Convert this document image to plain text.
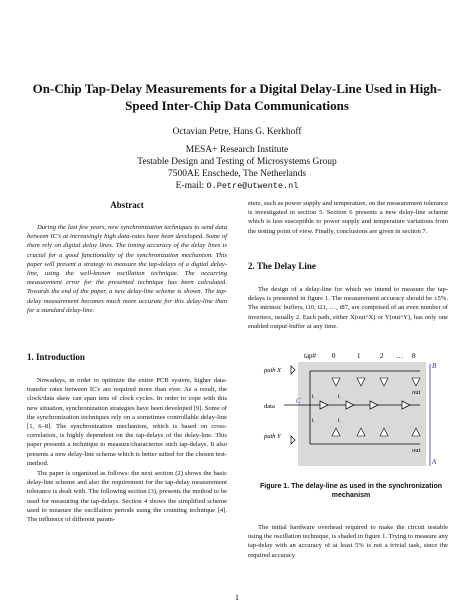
On-Chip Tap-Delay Measurements for a Digital Delay-Line Used in High-Speed Inter-Chip Data Communications
Octavian Petre, Hans G. Kerkhoff
MESA+ Research Institute
Testable Design and Testing of Microsystems Group
7500AE Enschede, The Netherlands
E-mail: O.Petre@utwente.nl
Abstract

During the last few years, new synchronization techniques to send data between IC's at increasingly high data-rates have been developed. Some of them rely on digital delay lines. The timing accuracy of the delay lines is crucial for a good functionality of the synchronization mechanism. This paper will present a strategy to measure the tap-delays of a digital delay-line, using the well-known oscillation technique. The occurring measurement error for the presented technique has been calculated. Towards the end of the paper, a new delay-line scheme is shown. The tap-delay measurement becomes much more accurate for this delay-line than for a standard delay-line.

1. Introduction

Nowadays, in order to optimize the entire PCB system, higher data-transfer rates between IC's are required more than ever. As a result, the clock/data skew can span tens of clock cycles. In order to cope with this new situation, synchronization strategies have been developed [9]. Some of the synchronization techniques rely on a sometimes controllable delay-line [1, 6–8]. The synchronization mechanism, which is based on cross-correlation, is highly dependent on the tap-delays of the delay-line. This paper presents a technique to measure/characterize such tap-delays. It also presents a new delay-line scheme which is better suited for the chosen test-method.

The paper is organized as follows: the next section (2) shows the basic delay-line scheme and also the requirement for the tap-delay measurement tolerance is dealt with. The following section (3), presents the method to be used for measuring the tap-delays. Section 4 shows the simplified scheme used to measure the oscillation periods using the counting technique [4]. The influence of different param-

eters, such as power supply and temperature, on the measurement tolerance is investigated in section 5. Section 6 presents a new delay-line scheme which is less susceptible to power supply and temperature variations from the testing point of view. Finally, conclusions are given in section 7.

2. The Delay Line

The design of a delay-line for which we intend to measure the tap-delays is presented in figure 1. The measurement accuracy should be ±5%. The intrinsic buffers, t10, t21, …, t87, are comprised of an even number of inverters, usually 2. Each path, either X(out^X) or Y(out^Y), has only one enabled output-buffer at any time.

tap# 0	1	2 … 8
path X
path Y
data
t	t
t	t
out
out
B
C
A
Figure 1. The delay-line as used in the synchronization mechanism

The initial hardware overhead required to make the circuit testable using the oscillation technique, is shaded in figure 1. Trying to measure any tap-delay with an accuracy of at least 5% is not a trivial task, since the required accuracy

1
